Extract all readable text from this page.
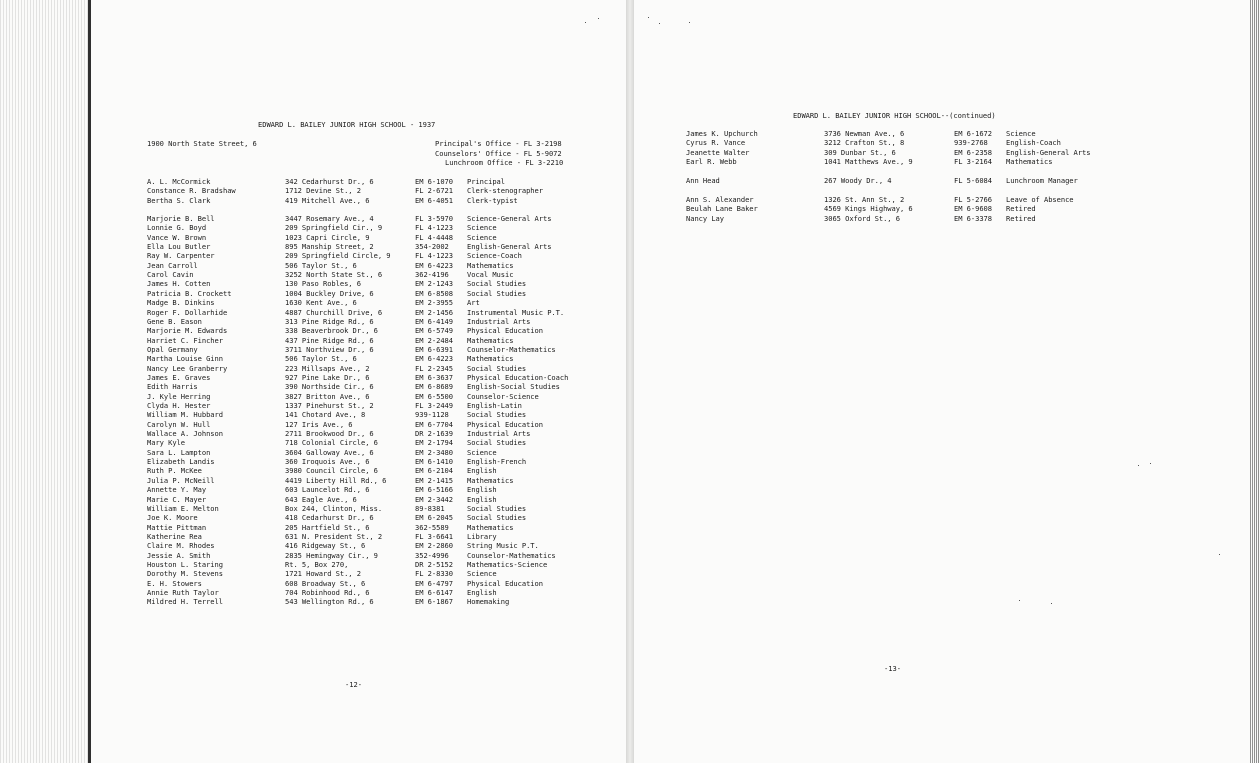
EDWARD L. BAILEY JUNIOR HIGH SCHOOL - 1937
1900 North State Street, 6	Principal's Office - FL 3-2198
Counselors' Office - FL 5-9072
Lunchroom Office - FL 3-2210
A. L. McCormick	342 Cedarhurst Dr., 6	EM 6-1070 Principal
Constance R. Bradshaw	1712 Devine St., 2	FL 2-6721 Clerk-stenographer
Bertha S. Clark	419 Mitchell Ave., 6	EM 6-4051 Clerk-typist
Marjorie B. Bell	3447 Rosemary Ave., 4	FL 3-5970 Science-General Arts
Lonnie G. Boyd	209 Springfield Cir., 9	FL 4-1223 Science
Vance W. Brown	1023 Capri Circle, 9	FL 4-4448 Science
Ella Lou Butler	895 Manship Street, 2	354-2002	English-General Arts
Ray W. Carpenter	209 Springfield Circle, 9	FL 4-1223 Science-Coach
Jean Carroll	506 Taylor St., 6	EM 6-4223 Mathematics
Carol Cavin	3252 North State St., 6	362-4196	Vocal Music
James H. Cotten	130 Paso Robles, 6	EM 2-1243 Social Studies
Patricia B. Crockett	1004 Buckley Drive, 6	EM 6-8508 Social Studies
Madge B. Dinkins	1630 Kent Ave., 6	EM 2-3955 Art
Roger F. Dollarhide	4887 Churchill Drive, 6	EM 2-1456 Instrumental Music P.T.
Gene B. Eason	313 Pine Ridge Rd., 6	EM 6-4149 Industrial Arts
Marjorie M. Edwards	338 Beaverbrook Dr., 6	EM 6-5749 Physical Education
Harriet C. Fincher	437 Pine Ridge Rd., 6	EM 2-2484 Mathematics
Opal Germany	3711 Northview Dr., 6	EM 6-6391 Counselor-Mathematics
Martha Louise Ginn	506 Taylor St., 6	EM 6-4223 Mathematics
Nancy Lee Granberry	223 Millsaps Ave., 2	FL 2-2345 Social Studies
James E. Graves	927 Pine Lake Dr., 6	EM 6-3637 Physical Education-Coach
Edith Harris	390 Northside Cir., 6	EM 6-8689 English-Social Studies
J. Kyle Herring	3827 Britton Ave., 6	EM 6-5500 Counselor-Science
Clyda H. Hester	1337 Pinehurst St., 2	FL 3-2449 English-Latin
William M. Hubbard	141 Chotard Ave., 8	939-1128	Social Studies
Carolyn W. Hull	127 Iris Ave., 6	EM 6-7704 Physical Education
Wallace A. Johnson	2711 Brookwood Dr., 6	DR 2-1639 Industrial Arts
Mary Kyle	718 Colonial Circle, 6	EM 2-1794 Social Studies
Sara L. Lampton	3604 Galloway Ave., 6	EM 2-3480 Science
Elizabeth Landis	360 Iroquois Ave., 6	EM 6-1410 English-French
Ruth P. McKee	3980 Council Circle, 6	EM 6-2104 English
Julia P. McNeill	4419 Liberty Hill Rd., 6	EM 2-1415 Mathematics
Annette Y. May	603 Launcelot Rd., 6	EM 6-5166 English
Marie C. Mayer	643 Eagle Ave., 6	EM 2-3442 English
William E. Melton	Box 244, Clinton, Miss.	89-8381	Social Studies
Joe K. Moore	418 Cedarhurst Dr., 6	EM 6-2045 Social Studies
Mattie Pittman	205 Hartfield St., 6	362-5589	Mathematics
Katherine Rea	631 N. President St., 2	FL 3-6641 Library
Claire M. Rhodes	416 Ridgeway St., 6	EM 2-2860 String Music P.T.
Jessie A. Smith	2835 Hemingway Cir., 9	352-4996	Counselor-Mathematics
Houston L. Staring	Rt. 5, Box 270,	DR 2-5152 Mathematics-Science
Dorothy M. Stevens	1721 Howard St., 2	FL 2-8330 Science
E. H. Stowers	608 Broadway St., 6	EM 6-4797 Physical Education
Annie Ruth Taylor	704 Robinhood Rd., 6	EM 6-6147 English
Mildred H. Terrell	543 Wellington Rd., 6	EM 6-1867 Homemaking
-12-
EDWARD L. BAILEY JUNIOR HIGH SCHOOL--(continued)
James K. Upchurch	3736 Newman Ave., 6	EM 6-1672 Science
Cyrus R. Vance	3212 Crafton St., 8	939-2768	English-Coach
Jeanette Walter	309 Dunbar St., 6	EM 6-2358 English-General Arts
Earl R. Webb	1041 Matthews Ave., 9	FL 3-2164 Mathematics
Ann Head	267 Woody Dr., 4	FL 5-6084 Lunchroom Manager
Ann S. Alexander	1326 St. Ann St., 2	FL 5-2766 Leave of Absence
Beulah Lane Baker	4569 Kings Highway, 6	EM 6-9608 Retired
Nancy Lay	3065 Oxford St., 6	EM 6-3378 Retired
-13-
